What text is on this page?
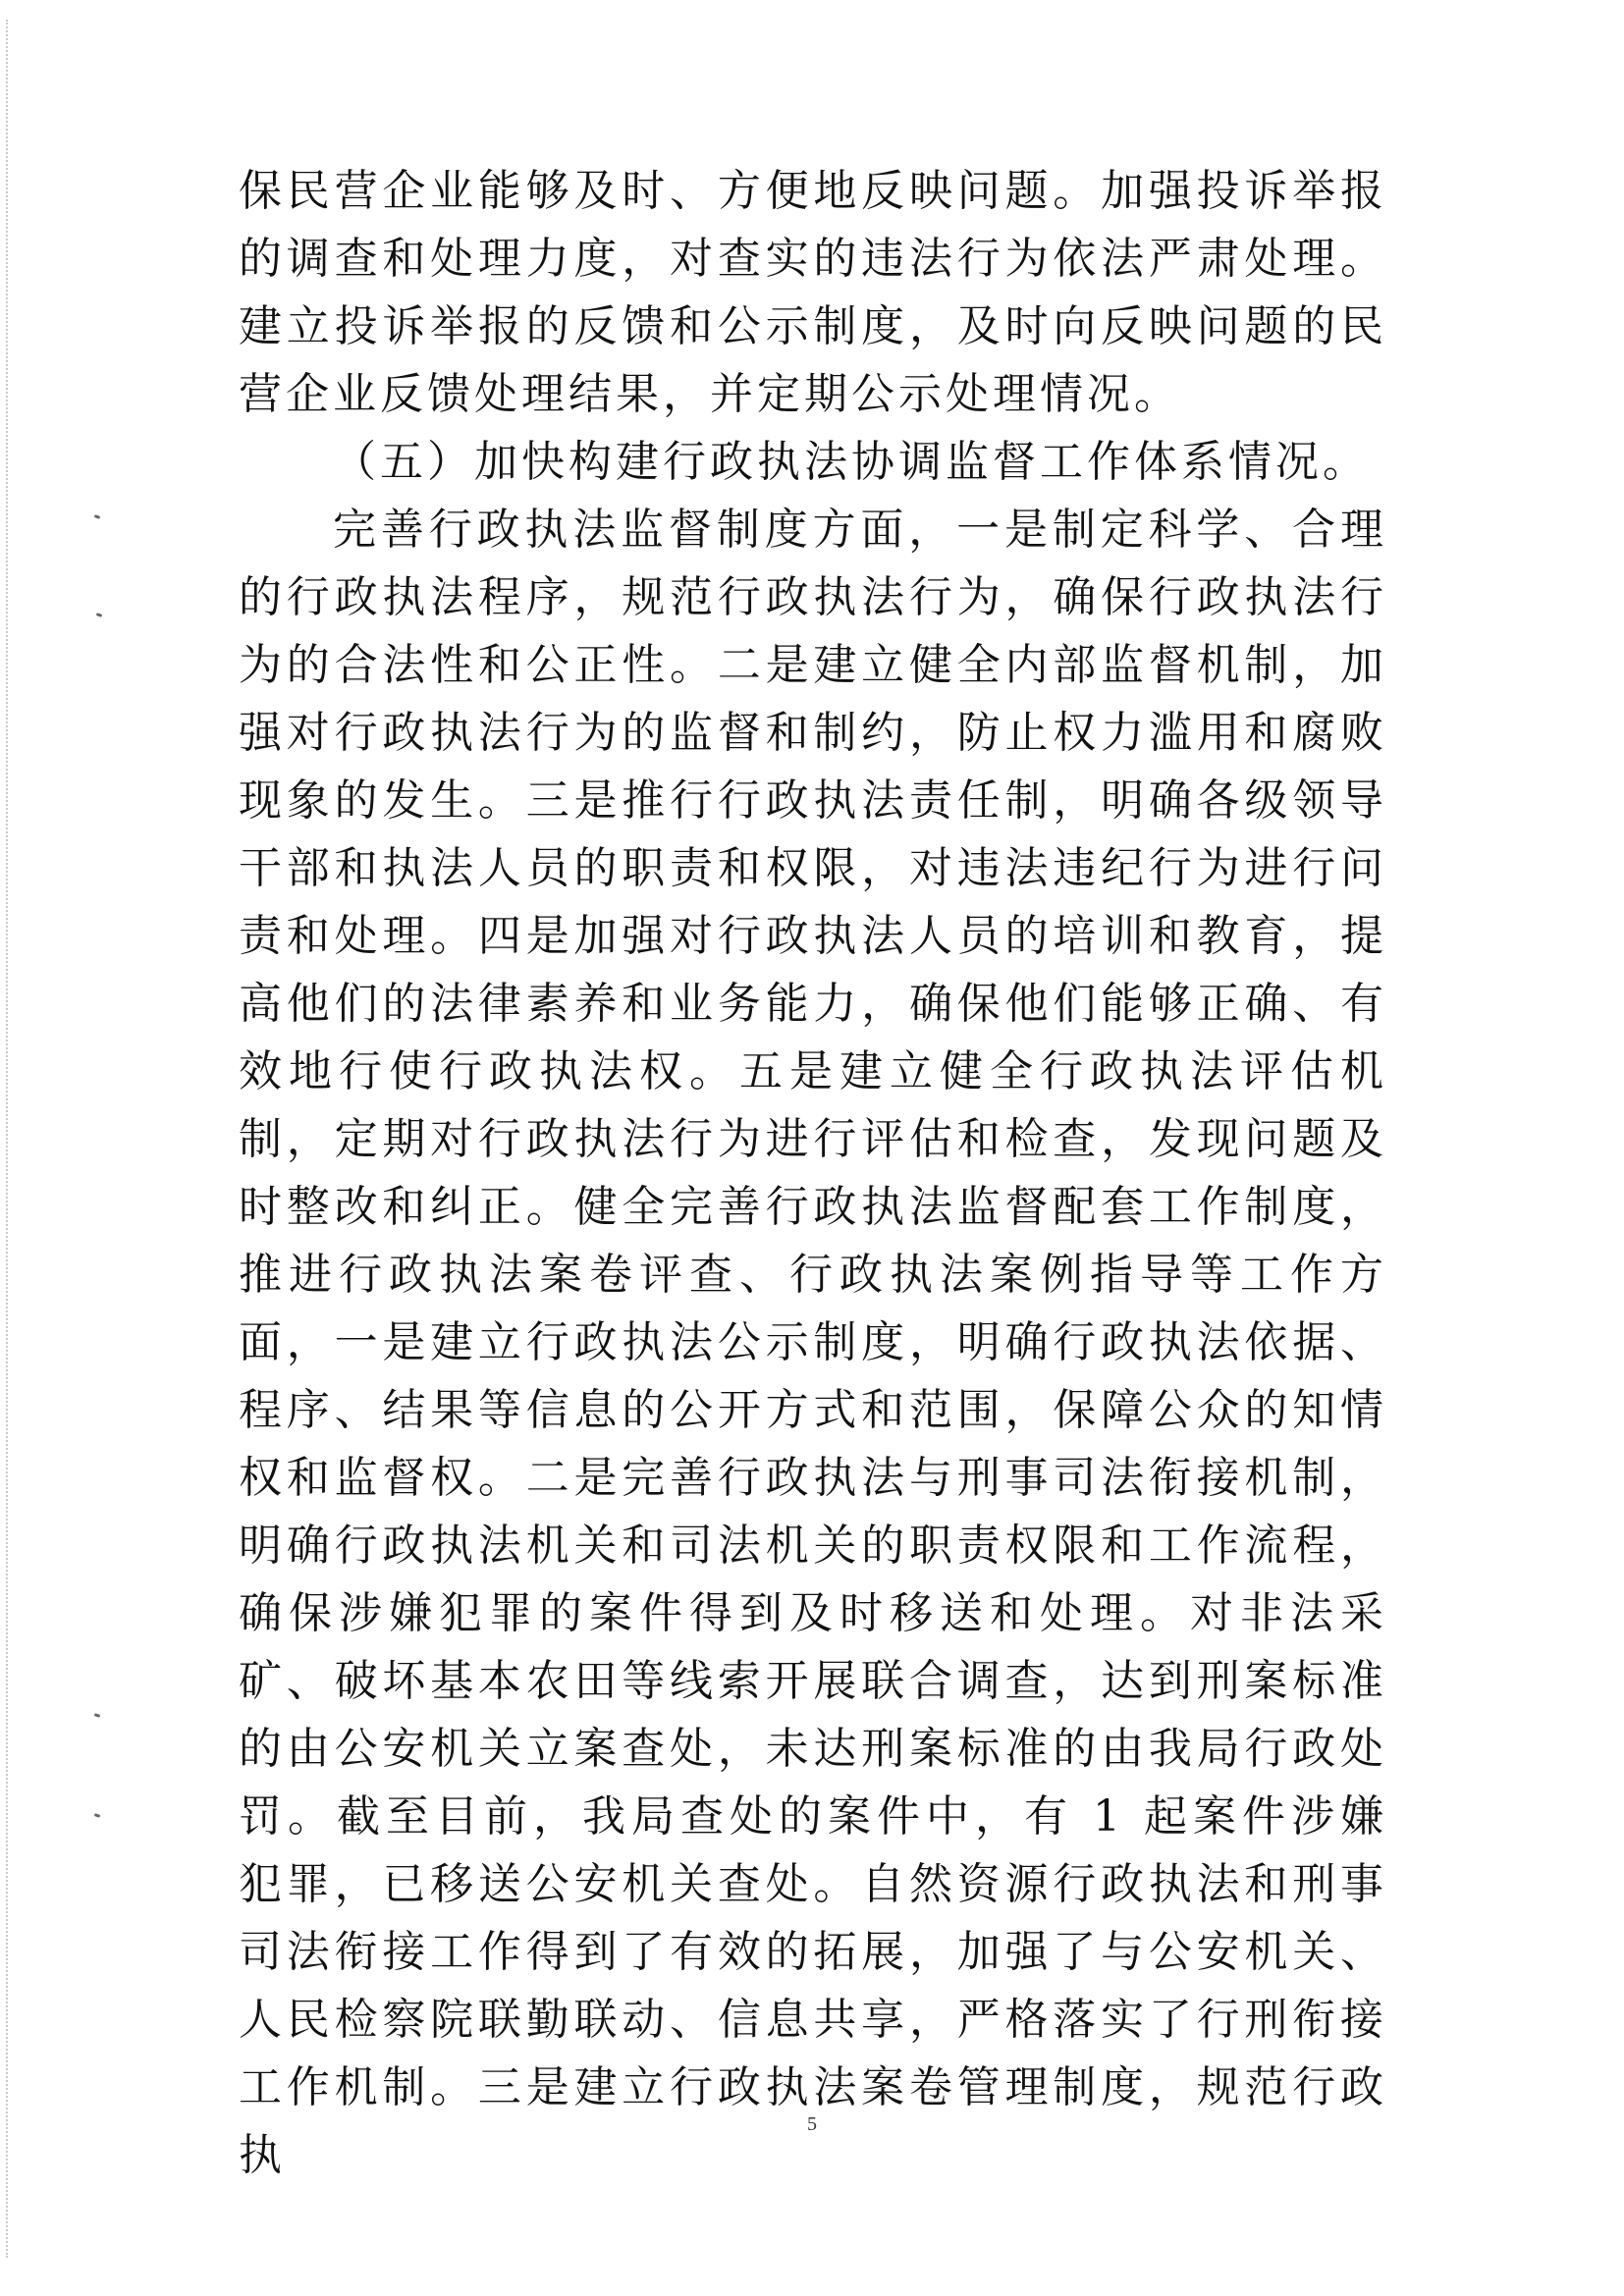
保民营企业能够及时、方便地反映问题。加强投诉举报的调查和处理力度，对查实的违法行为依法严肃处理。建立投诉举报的反馈和公示制度，及时向反映问题的民营企业反馈处理结果，并定期公示处理情况。

（五）加快构建行政执法协调监督工作体系情况。

完善行政执法监督制度方面，一是制定科学、合理的行政执法程序，规范行政执法行为，确保行政执法行为的合法性和公正性。二是建立健全内部监督机制，加强对行政执法行为的监督和制约，防止权力滥用和腐败现象的发生。三是推行行政执法责任制，明确各级领导干部和执法人员的职责和权限，对违法违纪行为进行问责和处理。四是加强对行政执法人员的培训和教育，提高他们的法律素养和业务能力，确保他们能够正确、有效地行使行政执法权。五是建立健全行政执法评估机制，定期对行政执法行为进行评估和检查，发现问题及时整改和纠正。健全完善行政执法监督配套工作制度，推进行政执法案卷评查、行政执法案例指导等工作方面，一是建立行政执法公示制度，明确行政执法依据、程序、结果等信息的公开方式和范围，保障公众的知情权和监督权。二是完善行政执法与刑事司法衔接机制，明确行政执法机关和司法机关的职责权限和工作流程，确保涉嫌犯罪的案件得到及时移送和处理。对非法采矿、破坏基本农田等线索开展联合调查，达到刑案标准的由公安机关立案查处，未达刑案标准的由我局行政处罚。截至目前，我局查处的案件中，有 1 起案件涉嫌犯罪，已移送公安机关查处。自然资源行政执法和刑事司法衔接工作得到了有效的拓展，加强了与公安机关、人民检察院联勤联动、信息共享，严格落实了行刑衔接工作机制。三是建立行政执法案卷管理制度，规范行政执

5
